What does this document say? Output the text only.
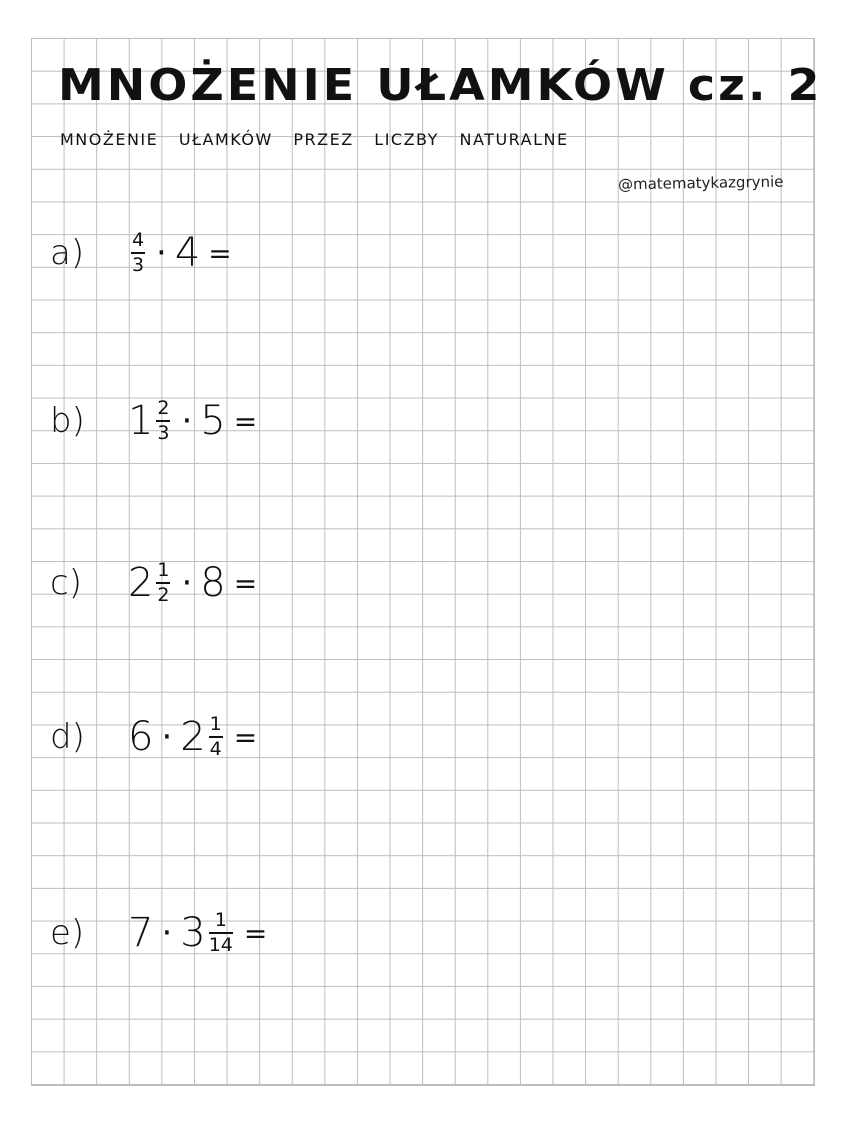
MNOŻENIE UŁAMKÓW cz. 2
MNOŻENIE UŁAMKÓW PRZEZ LICZBY NATURALNE
@matematykazgrynie
a)	$\frac{4}{3} \cdot 4$ =
b)	$1 \frac{2}{3} \cdot 5$ =
c)	$2 \frac{1}{2} \cdot 8$ =
d)	$6 \cdot 2 \frac{1}{4}$ =
e)	$7 \cdot 3 \frac{1}{14}$ =
